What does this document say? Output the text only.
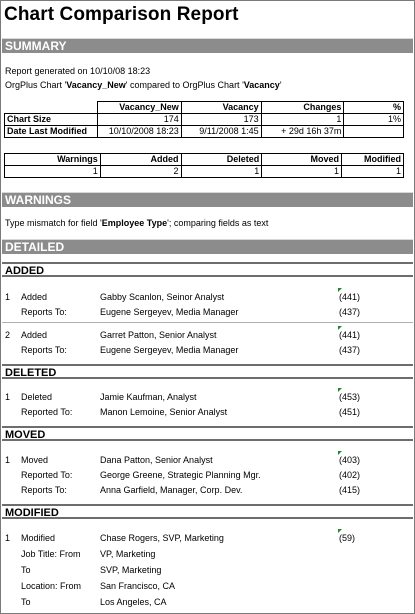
Chart Comparison Report
SUMMARY
Report generated on 10/10/08 18:23
OrgPlus Chart 'Vacancy_New' compared to OrgPlus Chart 'Vacancy'
	Vacancy_New	Vacancy	Changes	%
Chart Size	174	173	1	1%
Date Last Modified	10/10/2008 18:23	9/11/2008 1:45	+ 29d 16h 37m	
Warnings	Added	Deleted	Moved	Modified
1	2	1	1	1
WARNINGS
Type mismatch for field 'Employee Type'; comparing fields as text
DETAILED
ADDED
1 Added	Gabby Scanlon, Seinor Analyst	(441)
Reports To:	Eugene Sergeyev, Media Manager	(437)
2 Added	Garret Patton, Senior Analyst	(441)
Reports To:	Eugene Sergeyev, Media Manager	(437)
DELETED
1 Deleted	Jamie Kaufman, Analyst	(453)
Reported To:	Manon Lemoine, Senior Analyst	(451)
MOVED
1 Moved	Dana Patton, Senior Analyst	(403)
Reported To:	George Greene, Strategic Planning Mgr.	(402)
Reports To:	Anna Garfield, Manager, Corp. Dev.	(415)
MODIFIED
1 Modified	Chase Rogers, SVP, Marketing	(59)
Job Title: From VP, Marketing
To	SVP, Marketing
Location: From San Francisco, CA
To	Los Angeles, CA
